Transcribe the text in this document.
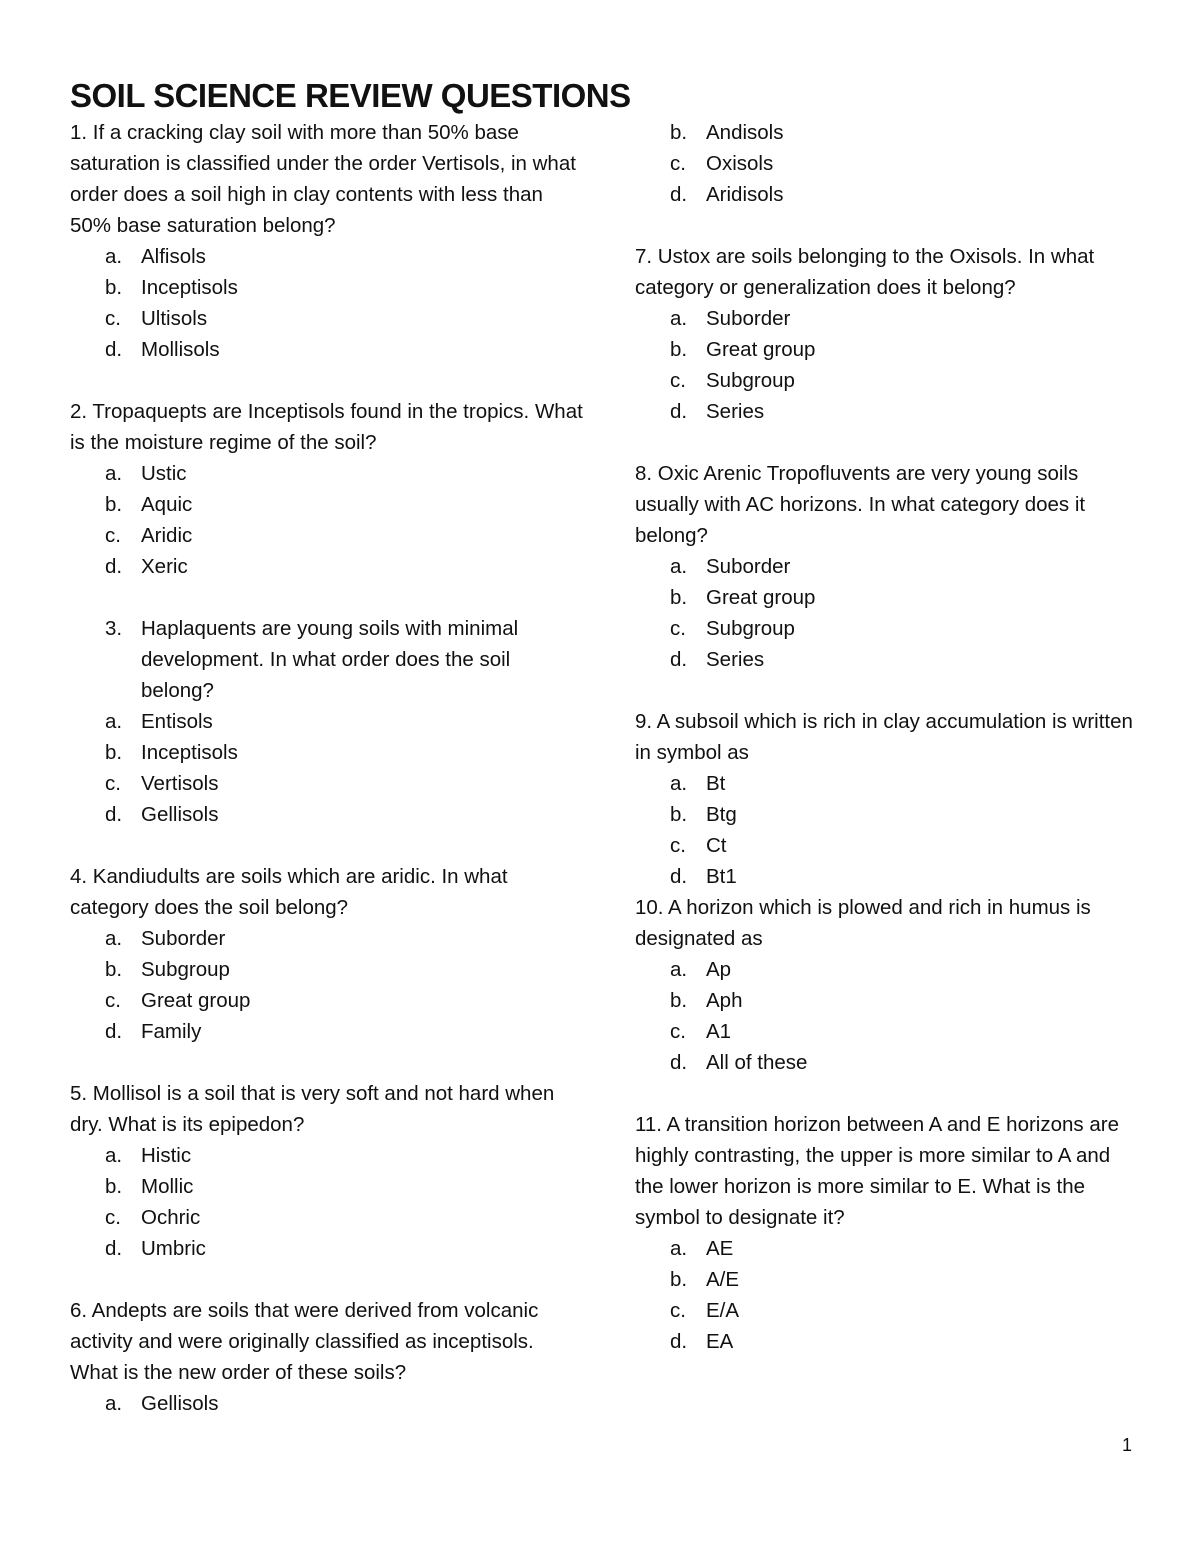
SOIL SCIENCE REVIEW QUESTIONS

1. If a cracking clay soil with more than 50% base saturation is classified under the order Vertisols, in what order does a soil high in clay contents with less than 50% base saturation belong?

a. Alfisols
b. Inceptisols
c. Ultisols
d. Mollisols

2. Tropaquepts are Inceptisols found in the tropics. What is the moisture regime of the soil?

a. Ustic
b. Aquic
c. Aridic
d. Xeric

3. Haplaquents are young soils with minimal development. In what order does the soil belong?

a. Entisols
b. Inceptisols
c. Vertisols
d. Gellisols

4. Kandiudults are soils which are aridic. In what category does the soil belong?

a. Suborder
b. Subgroup
c. Great group
d. Family

5. Mollisol is a soil that is very soft and not hard when dry. What is its epipedon?

a. Histic
b. Mollic
c. Ochric
d. Umbric

6. Andepts are soils that were derived from volcanic activity and were originally classified as inceptisols. What is the new order of these soils?

a. Gellisols
b. Andisols
c. Oxisols
d. Aridisols

7. Ustox are soils belonging to the Oxisols. In what category or generalization does it belong?

a. Suborder
b. Great group
c. Subgroup
d. Series

8. Oxic Arenic Tropofluvents are very young soils usually with AC horizons. In what category does it belong?

a. Suborder
b. Great group
c. Subgroup
d. Series

9. A subsoil which is rich in clay accumulation is written in symbol as

a. Bt
b. Btg
c. Ct
d. Bt1

10. A horizon which is plowed and rich in humus is designated as

a. Ap
b. Aph
c. A1
d. All of these

11. A transition horizon between A and E horizons are highly contrasting, the upper is more similar to A and the lower horizon is more similar to E. What is the symbol to designate it?

a. AE
b. A/E
c. E/A
d. EA
1
